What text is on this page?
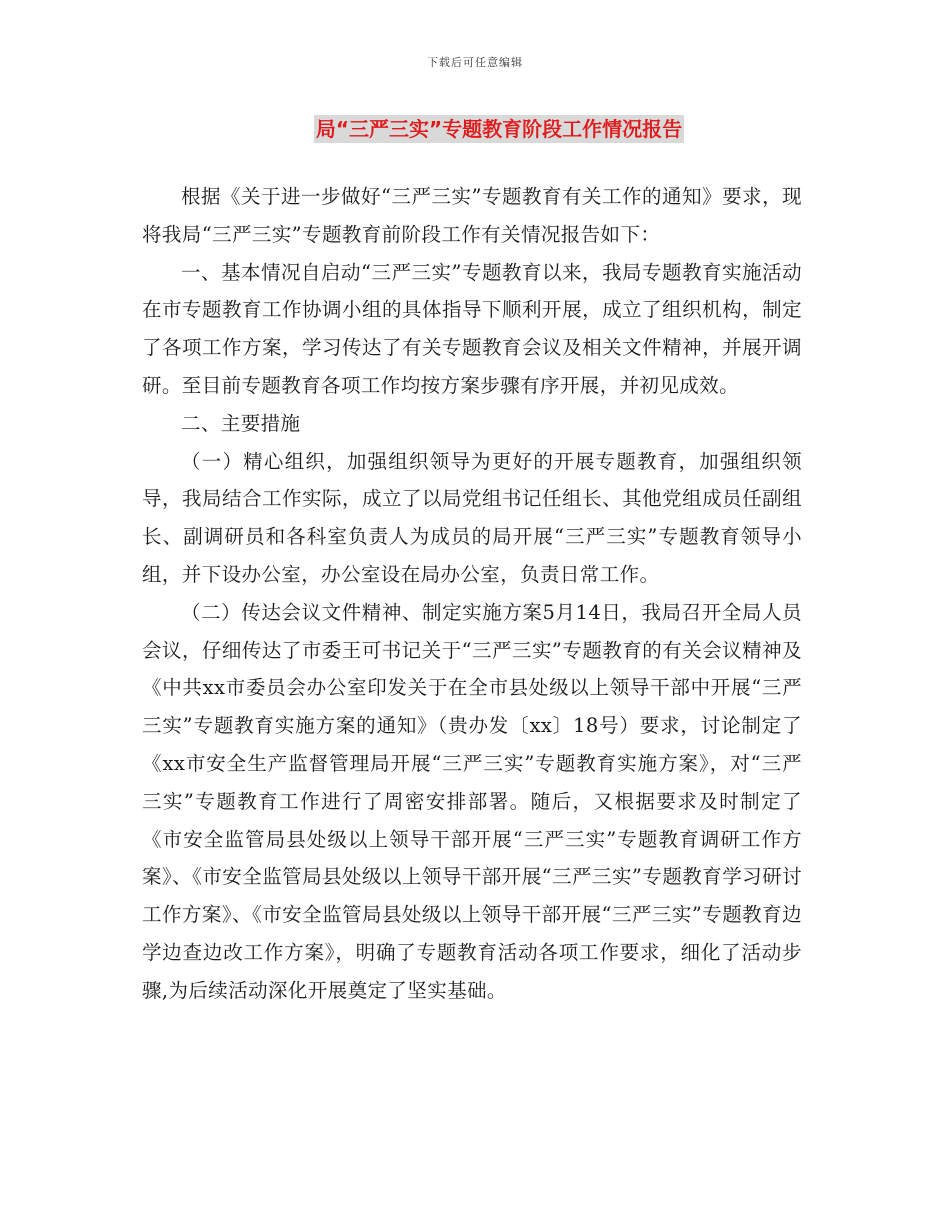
下载后可任意编辑
局“三严三实”专题教育阶段工作情况报告

根据《关于进一步做好“三严三实”专题教育有关工作的通知》要求，现将我局“三严三实”专题教育前阶段工作有关情况报告如下：

一、基本情况自启动“三严三实”专题教育以来，我局专题教育实施活动在市专题教育工作协调小组的具体指导下顺利开展，成立了组织机构，制定了各项工作方案，学习传达了有关专题教育会议及相关文件精神，并展开调研。至目前专题教育各项工作均按方案步骤有序开展，并初见成效。

二、主要措施

（一）精心组织，加强组织领导为更好的开展专题教育，加强组织领导，我局结合工作实际，成立了以局党组书记任组长、其他党组成员任副组长、副调研员和各科室负责人为成员的局开展“三严三实”专题教育领导小组，并下设办公室，办公室设在局办公室，负责日常工作。

（二）传达会议文件精神、制定实施方案5月14日，我局召开全局人员会议，仔细传达了市委王可书记关于“三严三实”专题教育的有关会议精神及《中共xx市委员会办公室印发关于在全市县处级以上领导干部中开展“三严三实”专题教育实施方案的通知》（贵办发〔xx〕18号）要求，讨论制定了《xx市安全生产监督管理局开展“三严三实”专题教育实施方案》，对“三严三实”专题教育工作进行了周密安排部署。随后，又根据要求及时制定了《市安全监管局县处级以上领导干部开展“三严三实”专题教育调研工作方案》、《市安全监管局县处级以上领导干部开展“三严三实”专题教育学习研讨工作方案》、《市安全监管局县处级以上领导干部开展“三严三实”专题教育边学边查边改工作方案》，明确了专题教育活动各项工作要求，细化了活动步骤,为后续活动深化开展奠定了坚实基础。
